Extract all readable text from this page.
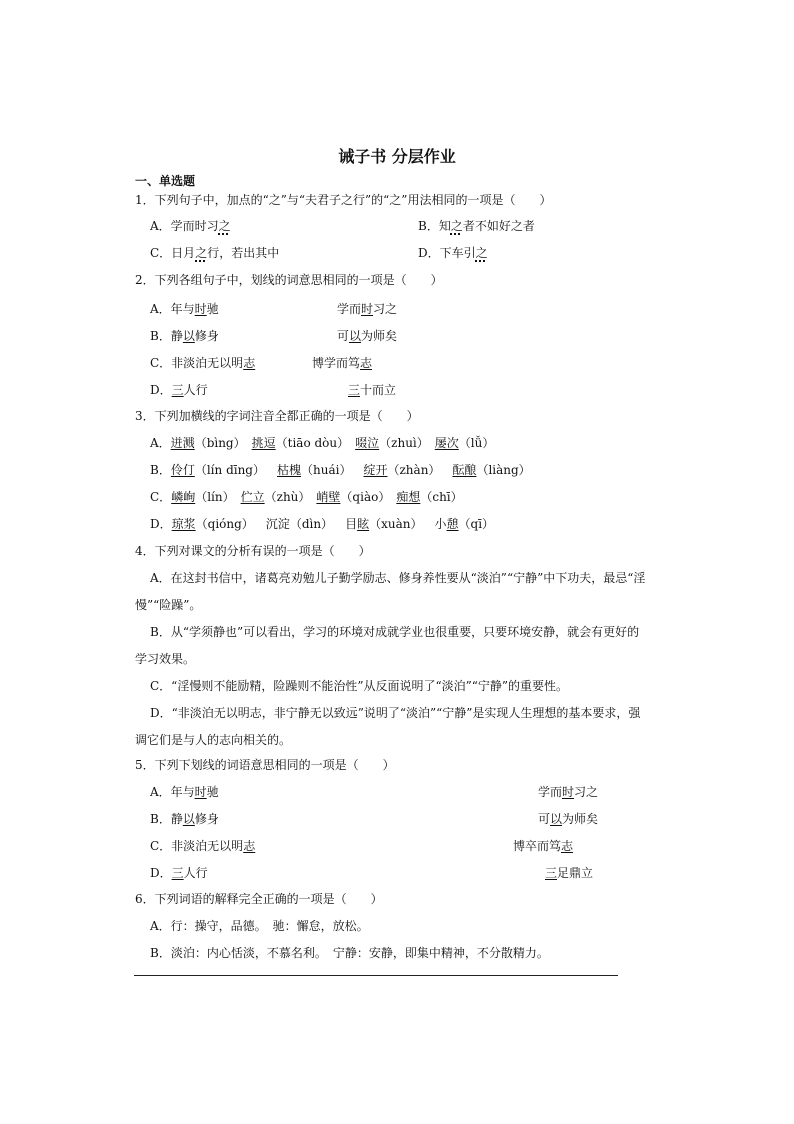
诫子书 分层作业
一、单选题
1．下列句子中，加点的“之”与“夫君子之行”的“之”用法相同的一项是（　　）
A．学而时习之	B．知之者不如好之者
C．日月之行，若出其中	D．下车引之
2．下列各组句子中，划线的词意思相同的一项是（　　）
A．年与时驰	学而时习之
B．静以修身	可以为师矣
C．非淡泊无以明志	博学而笃志
D．三人行	三十而立
3．下列加横线的字词注音全都正确的一项是（　　）
A．迸溅（bìng）  挑逗（tiāo dòu）  啜泣（zhuì）  屡次（lǚ）
B．伶仃（lín dīng）  枯槐（huái）  绽开（zhàn）  酝酿（liàng）
C．嶙峋（lín）  伫立（zhù）  峭壁（qiào）  痴想（chī）
D．琼浆（qióng）  沉淀（dìn）  目眩（xuàn）  小憩（qī）
4．下列对课文的分析有误的一项是（　　）
A．在这封书信中，诸葛亮劝勉儿子勤学励志、修身养性要从“淡泊”“宁静”中下功夫，最忌“淫
慢”“险躁”。
B．从“学须静也”可以看出，学习的环境对成就学业也很重要，只要环境安静，就会有更好的
学习效果。
C．“淫慢则不能励精，险躁则不能治性”从反面说明了“淡泊”“宁静”的重要性。
D．“非淡泊无以明志，非宁静无以致远”说明了“淡泊”“宁静”是实现人生理想的基本要求，强
调它们是与人的志向相关的。
5．下列下划线的词语意思相同的一项是（　　）
A．年与时驰	学而时习之
B．静以修身	可以为师矣
C．非淡泊无以明志	博卒而笃志
D．三人行	三足鼎立
6．下列词语的解释完全正确的一项是（　　）
A．行：操守，品德。　驰：懈怠，放松。
B．淡泊：内心恬淡，不慕名利。　宁静：安静，即集中精神，不分散精力。
